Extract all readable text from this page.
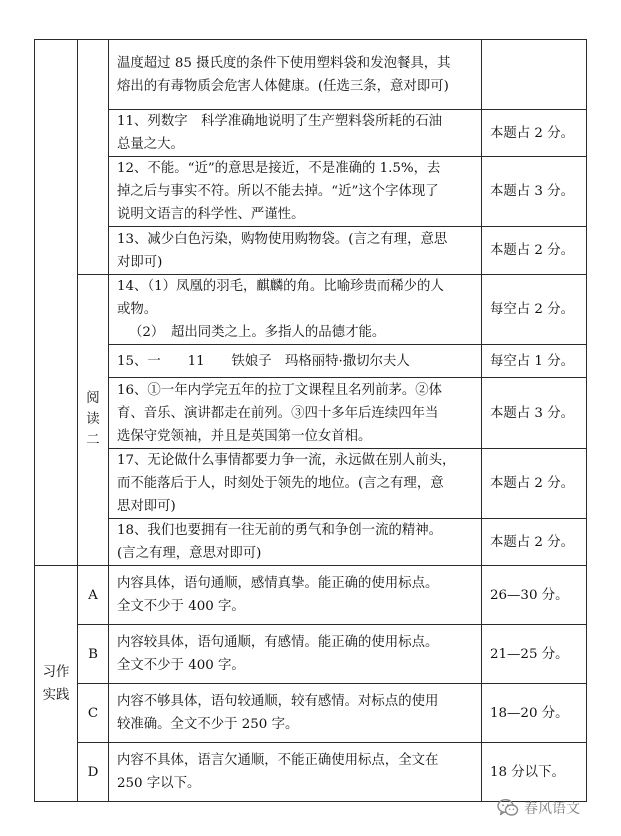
		温度超过 85 摄氏度的条件下使用塑料袋和发泡餐具，其
熔出的有毒物质会危害人体健康。(任选三条，意对即可)	

		11、列数字　科学准确地说明了生产塑料袋所耗的石油
总量之大。	本题占 2 分。

		12、不能。“近”的意思是接近，不是准确的 1.5%，去
掉之后与事实不符。所以不能去掉。“近”这个字体现了
说明文语言的科学性、严谨性。	本题占 3 分。

		13、减少白色污染，购物使用购物袋。(言之有理，意思
对即可)	本题占 2 分。
	阅读二	14、（1）凤凰的羽毛，麒麟的角。比喻珍贵而稀少的人
或物。
（2）　超出同类之上。多指人的品德才能。	每空占 2 分。

		15、一　　11　　铁娘子　玛格丽特·撒切尔夫人	每空占 1 分。

		16、①一年内学完五年的拉丁文课程且名列前茅。②体
育、音乐、演讲都走在前列。③四十多年后连续四年当
选保守党领袖，并且是英国第一位女首相。	本题占 3 分。

		17、无论做什么事情都要力争一流，永远做在别人前头，
而不能落后于人，时刻处于领先的地位。(言之有理，意
思对即可)	本题占 2 分。

		18、我们也要拥有一往无前的勇气和争创一流的精神。
(言之有理，意思对即可)	本题占 2 分。

习作
实践	A	内容具体，语句通顺，感情真挚。能正确的使用标点。
全文不少于 400 字。	26—30 分。
	B	内容较具体，语句通顺，有感情。能正确的使用标点。
全文不少于 400 字。	21—25 分。
	C	内容不够具体，语句较通顺，较有感情。对标点的使用
较准确。全文不少于 250 字。	18—20 分。
	D	内容不具体，语言欠通顺，不能正确使用标点，全文在
250 字以下。	18 分以下。
春风语文
